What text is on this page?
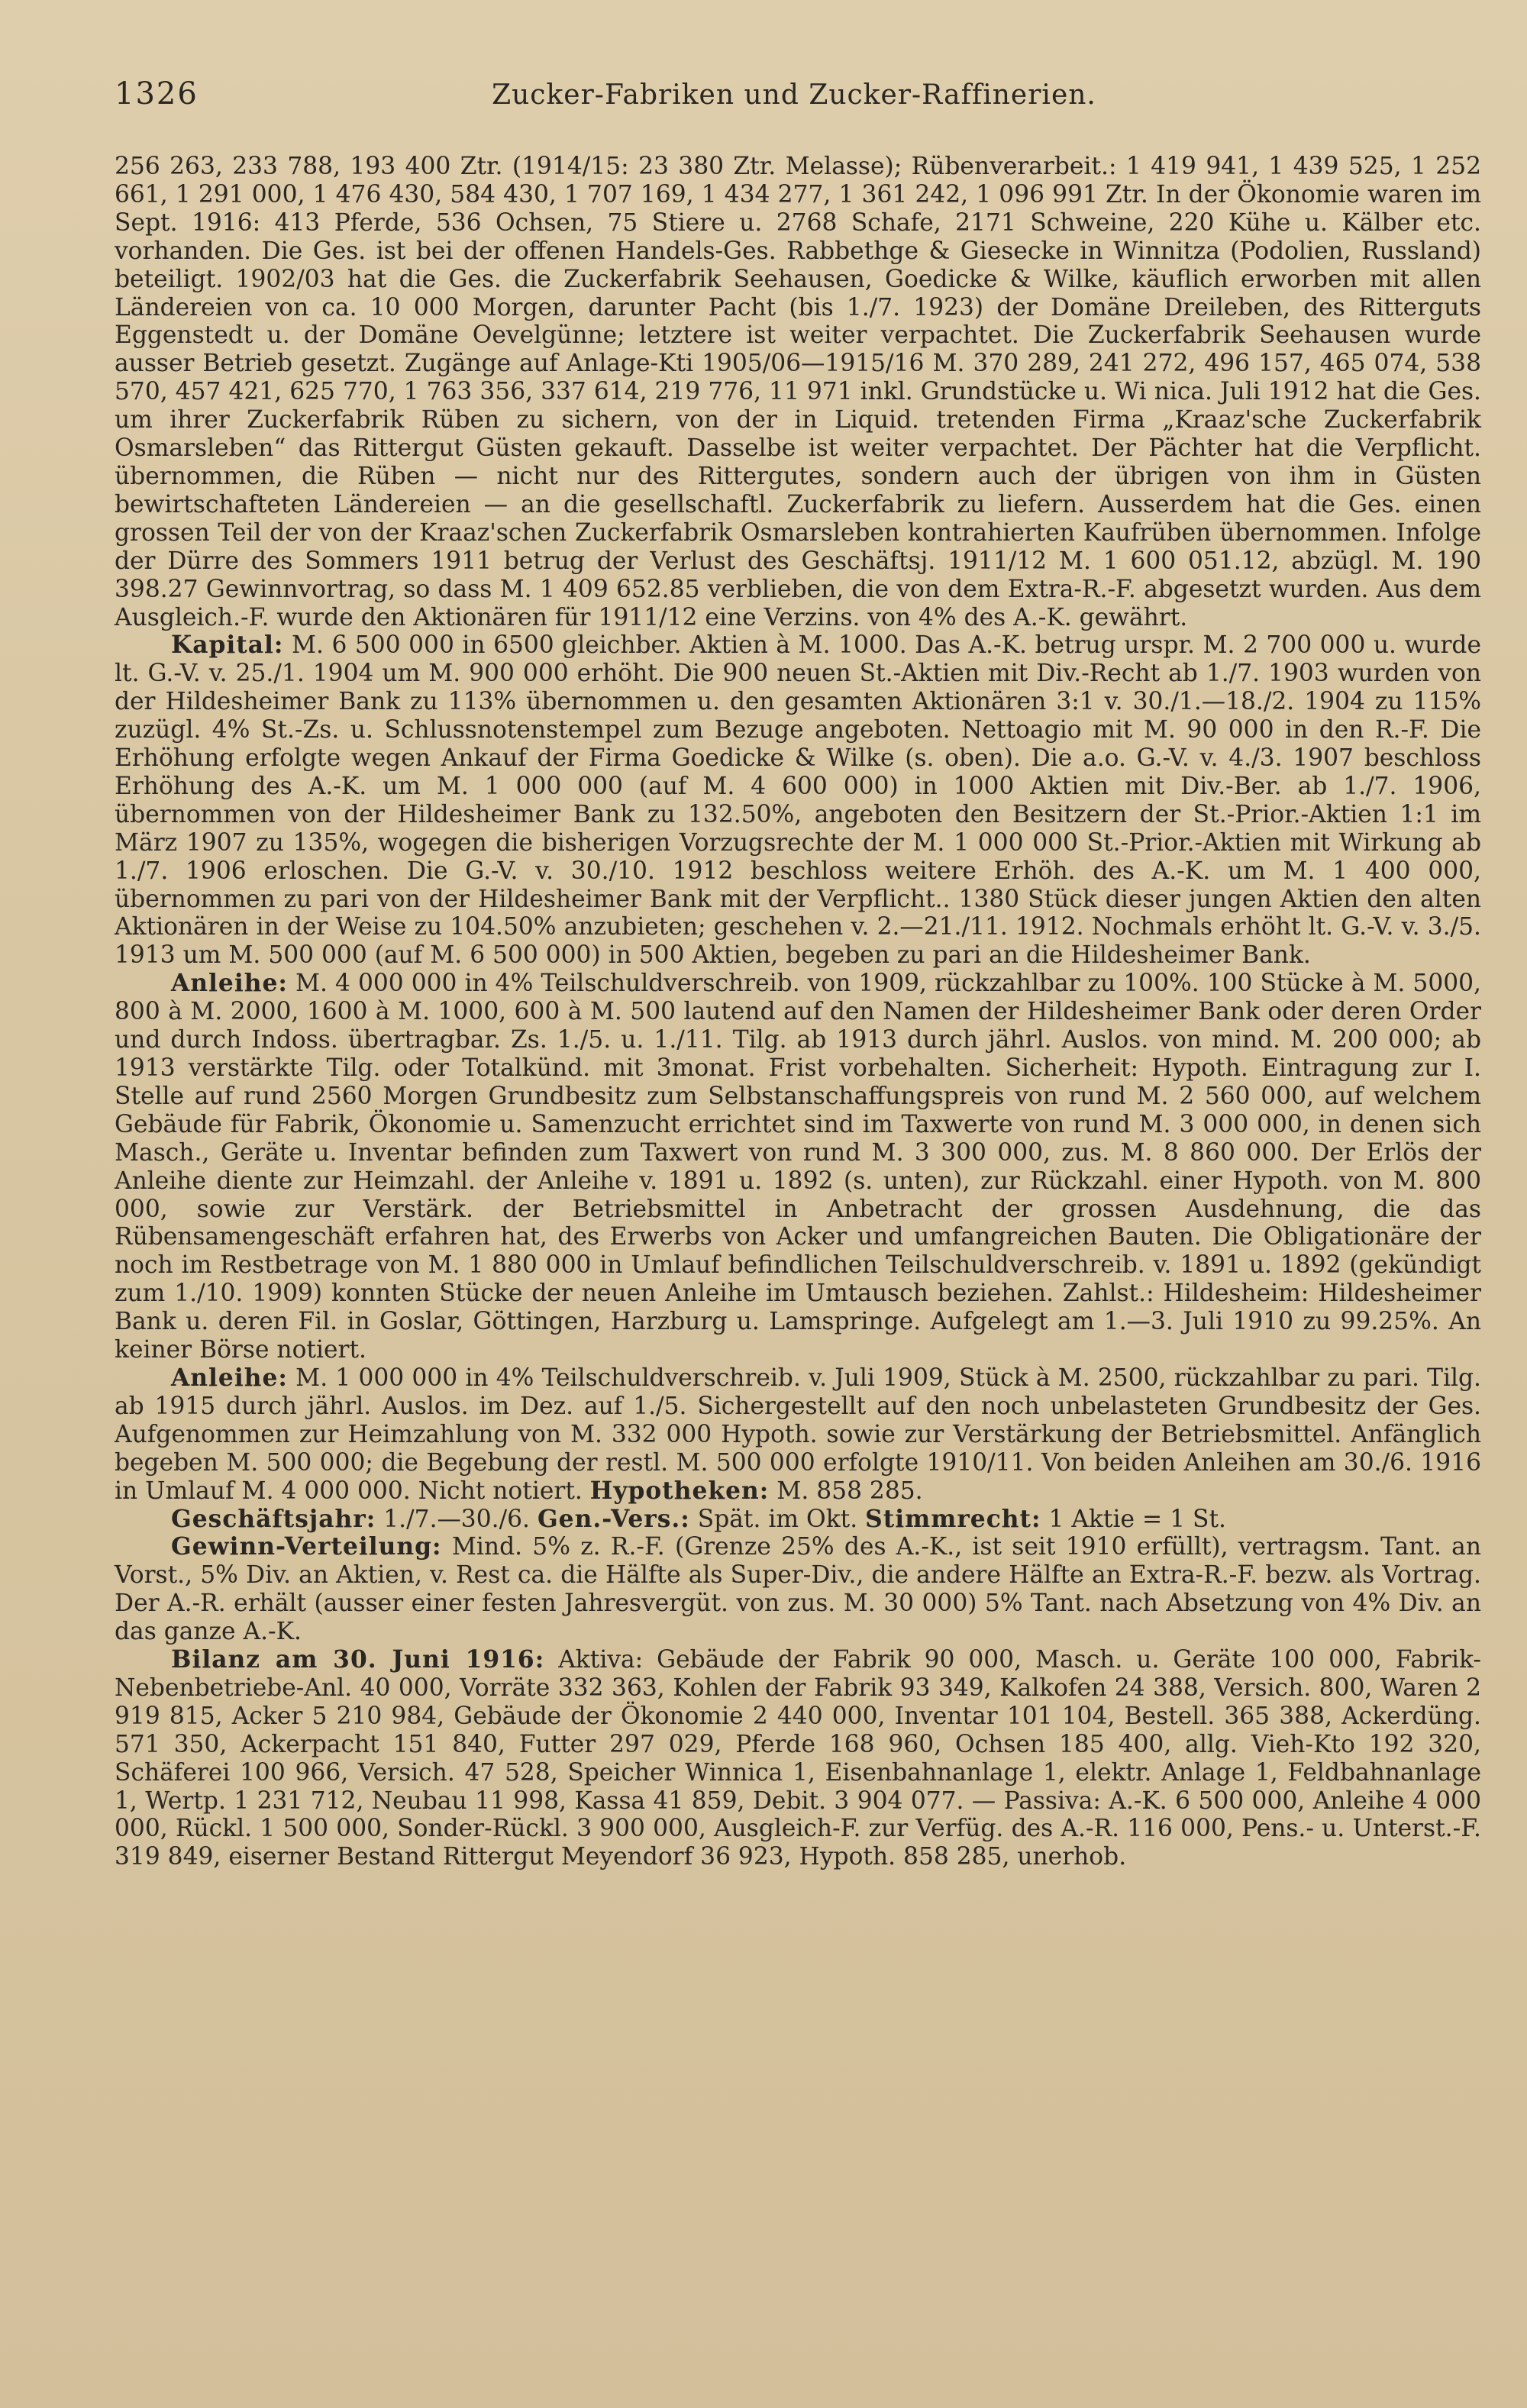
1326	Zucker-Fabriken und Zucker-Raffinerien.

256 263, 233 788, 193 400 Ztr. (1914/15: 23 380 Ztr. Melasse); Rübenverarbeit.: 1 419 941, 1 439 525, 1 252 661, 1 291 000, 1 476 430, 584 430, 1 707 169, 1 434 277, 1 361 242, 1 096 991 Ztr. In der Ökonomie waren im Sept. 1916: 413 Pferde, 536 Ochsen, 75 Stiere u. 2768 Schafe, 2171 Schweine, 220 Kühe u. Kälber etc. vorhanden. Die Ges. ist bei der offenen Handels-Ges. Rabbethge & Giesecke in Winnitza (Podolien, Russland) beteiligt. 1902/03 hat die Ges. die Zuckerfabrik Seehausen, Goedicke & Wilke, käuflich erworben mit allen Ländereien von ca. 10 000 Morgen, darunter Pacht (bis 1./7. 1923) der Domäne Dreileben, des Ritterguts Eggenstedt u. der Domäne Oevelgünne; letztere ist weiter verpachtet. Die Zuckerfabrik Seehausen wurde ausser Betrieb gesetzt. Zugänge auf Anlage-Kti 1905/06—1915/16 M. 370 289, 241 272, 496 157, 465 074, 538 570, 457 421, 625 770, 1 763 356, 337 614, 219 776, 11 971 inkl. Grundstücke u. Wi nica. Juli 1912 hat die Ges. um ihrer Zuckerfabrik Rüben zu sichern, von der in Liquid. tretenden Firma „Kraaz'sche Zuckerfabrik Osmarsleben“ das Rittergut Güsten gekauft. Dasselbe ist weiter verpachtet. Der Pächter hat die Verpflicht. übernommen, die Rüben — nicht nur des Rittergutes, sondern auch der übrigen von ihm in Güsten bewirtschafteten Ländereien — an die gesellschaftl. Zuckerfabrik zu liefern. Ausserdem hat die Ges. einen grossen Teil der von der Kraaz'schen Zuckerfabrik Osmarsleben kontrahierten Kaufrüben übernommen. Infolge der Dürre des Sommers 1911 betrug der Verlust des Geschäftsj. 1911/12 M. 1 600 051.12, abzügl. M. 190 398.27 Gewinnvortrag, so dass M. 1 409 652.85 verblieben, die von dem Extra-R.-F. abgesetzt wurden. Aus dem Ausgleich.-F. wurde den Aktionären für 1911/12 eine Verzins. von 4% des A.-K. gewährt.

Kapital: M. 6 500 000 in 6500 gleichber. Aktien à M. 1000. Das A.-K. betrug urspr. M. 2 700 000 u. wurde lt. G.-V. v. 25./1. 1904 um M. 900 000 erhöht. Die 900 neuen St.-Aktien mit Div.-Recht ab 1./7. 1903 wurden von der Hildesheimer Bank zu 113% übernommen u. den gesamten Aktionären 3:1 v. 30./1.—18./2. 1904 zu 115% zuzügl. 4% St.-Zs. u. Schlussnotenstempel zum Bezuge angeboten. Nettoagio mit M. 90 000 in den R.-F. Die Erhöhung erfolgte wegen Ankauf der Firma Goedicke & Wilke (s. oben). Die a.o. G.-V. v. 4./3. 1907 beschloss Erhöhung des A.-K. um M. 1 000 000 (auf M. 4 600 000) in 1000 Aktien mit Div.-Ber. ab 1./7. 1906, übernommen von der Hildesheimer Bank zu 132.50%, angeboten den Besitzern der St.-Prior.-Aktien 1:1 im März 1907 zu 135%, wogegen die bisherigen Vorzugsrechte der M. 1 000 000 St.-Prior.-Aktien mit Wirkung ab 1./7. 1906 erloschen. Die G.-V. v. 30./10. 1912 beschloss weitere Erhöh. des A.-K. um M. 1 400 000, übernommen zu pari von der Hildesheimer Bank mit der Verpflicht.. 1380 Stück dieser jungen Aktien den alten Aktionären in der Weise zu 104.50% anzubieten; geschehen v. 2.—21./11. 1912. Nochmals erhöht lt. G.-V. v. 3./5. 1913 um M. 500 000 (auf M. 6 500 000) in 500 Aktien, begeben zu pari an die Hildesheimer Bank.

Anleihe: M. 4 000 000 in 4% Teilschuldverschreib. von 1909, rückzahlbar zu 100%. 100 Stücke à M. 5000, 800 à M. 2000, 1600 à M. 1000, 600 à M. 500 lautend auf den Namen der Hildesheimer Bank oder deren Order und durch Indoss. übertragbar. Zs. 1./5. u. 1./11. Tilg. ab 1913 durch jährl. Auslos. von mind. M. 200 000; ab 1913 verstärkte Tilg. oder Totalkünd. mit 3monat. Frist vorbehalten. Sicherheit: Hypoth. Eintragung zur I. Stelle auf rund 2560 Morgen Grundbesitz zum Selbstanschaffungspreis von rund M. 2 560 000, auf welchem Gebäude für Fabrik, Ökonomie u. Samenzucht errichtet sind im Taxwerte von rund M. 3 000 000, in denen sich Masch., Geräte u. Inventar befinden zum Taxwert von rund M. 3 300 000, zus. M. 8 860 000. Der Erlös der Anleihe diente zur Heimzahl. der Anleihe v. 1891 u. 1892 (s. unten), zur Rückzahl. einer Hypoth. von M. 800 000, sowie zur Verstärk. der Betriebsmittel in Anbetracht der grossen Ausdehnung, die das Rübensamengeschäft erfahren hat, des Erwerbs von Acker und umfangreichen Bauten. Die Obligationäre der noch im Restbetrage von M. 1 880 000 in Umlauf befindlichen Teilschuldverschreib. v. 1891 u. 1892 (gekündigt zum 1./10. 1909) konnten Stücke der neuen Anleihe im Umtausch beziehen. Zahlst.: Hildesheim: Hildesheimer Bank u. deren Fil. in Goslar, Göttingen, Harzburg u. Lamspringe. Aufgelegt am 1.—3. Juli 1910 zu 99.25%. An keiner Börse notiert.

Anleihe: M. 1 000 000 in 4% Teilschuldverschreib. v. Juli 1909, Stück à M. 2500, rückzahlbar zu pari. Tilg. ab 1915 durch jährl. Auslos. im Dez. auf 1./5. Sichergestellt auf den noch unbelasteten Grundbesitz der Ges. Aufgenommen zur Heimzahlung von M. 332 000 Hypoth. sowie zur Verstärkung der Betriebsmittel. Anfänglich begeben M. 500 000; die Begebung der restl. M. 500 000 erfolgte 1910/11. Von beiden Anleihen am 30./6. 1916 in Umlauf M. 4 000 000. Nicht notiert. Hypotheken: M. 858 285.

Geschäftsjahr: 1./7.—30./6. Gen.-Vers.: Spät. im Okt. Stimmrecht: 1 Aktie = 1 St.

Gewinn-Verteilung: Mind. 5% z. R.-F. (Grenze 25% des A.-K., ist seit 1910 erfüllt), vertragsm. Tant. an Vorst., 5% Div. an Aktien, v. Rest ca. die Hälfte als Super-Div., die andere Hälfte an Extra-R.-F. bezw. als Vortrag. Der A.-R. erhält (ausser einer festen Jahresvergüt. von zus. M. 30 000) 5% Tant. nach Absetzung von 4% Div. an das ganze A.-K.

Bilanz am 30. Juni 1916: Aktiva: Gebäude der Fabrik 90 000, Masch. u. Geräte 100 000, Fabrik-Nebenbetriebe-Anl. 40 000, Vorräte 332 363, Kohlen der Fabrik 93 349, Kalkofen 24 388, Versich. 800, Waren 2 919 815, Acker 5 210 984, Gebäude der Ökonomie 2 440 000, Inventar 101 104, Bestell. 365 388, Ackerdüng. 571 350, Ackerpacht 151 840, Futter 297 029, Pferde 168 960, Ochsen 185 400, allg. Vieh-Kto 192 320, Schäferei 100 966, Versich. 47 528, Speicher Winnica 1, Eisenbahnanlage 1, elektr. Anlage 1, Feldbahnanlage 1, Wertp. 1 231 712, Neubau 11 998, Kassa 41 859, Debit. 3 904 077. — Passiva: A.-K. 6 500 000, Anleihe 4 000 000, Rückl. 1 500 000, Sonder-Rückl. 3 900 000, Ausgleich-F. zur Verfüg. des A.-R. 116 000, Pens.- u. Unterst.-F. 319 849, eiserner Bestand Rittergut Meyendorf 36 923, Hypoth. 858 285, unerhob.
